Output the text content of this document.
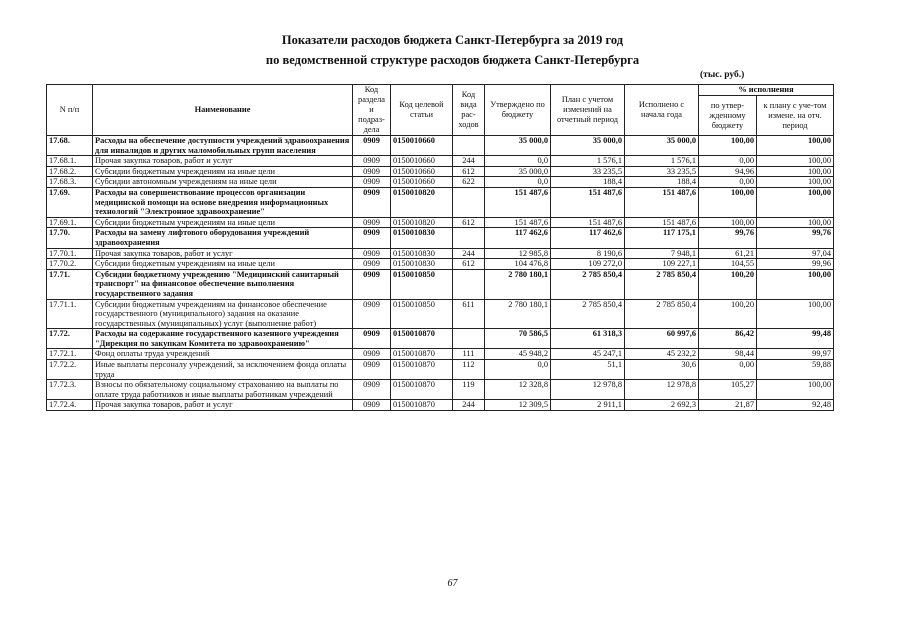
Показатели расходов бюджета Санкт-Петербурга за 2019 год
по ведомственной структуре расходов бюджета Санкт-Петербурга
(тыс. руб.)
N п/п	Наименование	Код раздела и подраз-дела	Код целевой статьи	Код вида рас-ходов	Утверждено по бюджету	План с учетом изменений на отчетный период	Исполнено с начала года	% исполнения	
								по утвер-жденному бюджету	к плану с уче-том измене. на отч. период
17.68.	Расходы на обеспечение доступности учреждений здравоохранения для инвалидов и других маломобильных групп населения	0909	0150010660		35 000,0	35 000,0	35 000,0	100,00	100,00
17.68.1.	Прочая закупка товаров, работ и услуг	0909	0150010660	244	0,0	1 576,1	1 576,1	0,00	100,00
17.68.2.	Субсидии бюджетным учреждениям на иные цели	0909	0150010660	612	35 000,0	33 235,5	33 235,5	94,96	100,00
17.68.3.	Субсидии автономным учреждениям на иные цели	0909	0150010660	622	0,0	188,4	188,4	0,00	100,00
17.69.	Расходы на совершенствование процессов организации медицинской помощи на основе внедрения информационных технологий "Электронное здравоохранение"	0909	0150010820		151 487,6	151 487,6	151 487,6	100,00	100,00
17.69.1.	Субсидии бюджетным учреждениям на иные цели	0909	0150010820	612	151 487,6	151 487,6	151 487,6	100,00	100,00
17.70.	Расходы на замену лифтового оборудования учреждений здравоохранения	0909	0150010830		117 462,6	117 462,6	117 175,1	99,76	99,76
17.70.1.	Прочая закупка товаров, работ и услуг	0909	0150010830	244	12 985,8	8 190,6	7 948,1	61,21	97,04
17.70.2.	Субсидии бюджетным учреждениям на иные цели	0909	0150010830	612	104 476,8	109 272,0	109 227,1	104,55	99,96
17.71.	Субсидии бюджетному учреждению "Медицинский санитарный транспорт" на финансовое обеспечение выполнения государственного задания	0909	0150010850		2 780 180,1	2 785 850,4	2 785 850,4	100,20	100,00
17.71.1.	Субсидии бюджетным учреждениям на финансовое обеспечение государственного (муниципального) задания на оказание государственных (муниципальных) услуг (выполнение работ)	0909	0150010850	611	2 780 180,1	2 785 850,4	2 785 850,4	100,20	100,00
17.72.	Расходы на содержание государственного казенного учреждения "Дирекция по закупкам Комитета по здравоохранению"	0909	0150010870		70 586,5	61 318,3	60 997,6	86,42	99,48
17.72.1.	Фонд оплаты труда учреждений	0909	0150010870	111	45 948,2	45 247,1	45 232,2	98,44	99,97
17.72.2.	Иные выплаты персоналу учреждений, за исключением фонда оплаты труда	0909	0150010870	112	0,0	51,1	30,6	0,00	59,88
17.72.3.	Взносы по обязательному социальному страхованию на выплаты по оплате труда работников и иные выплаты работникам учреждений	0909	0150010870	119	12 328,8	12 978,8	12 978,8	105,27	100,00
17.72.4.	Прочая закупка товаров, работ и услуг	0909	0150010870	244	12 309,5	2 911,1	2 692,3	21,87	92,48
67
